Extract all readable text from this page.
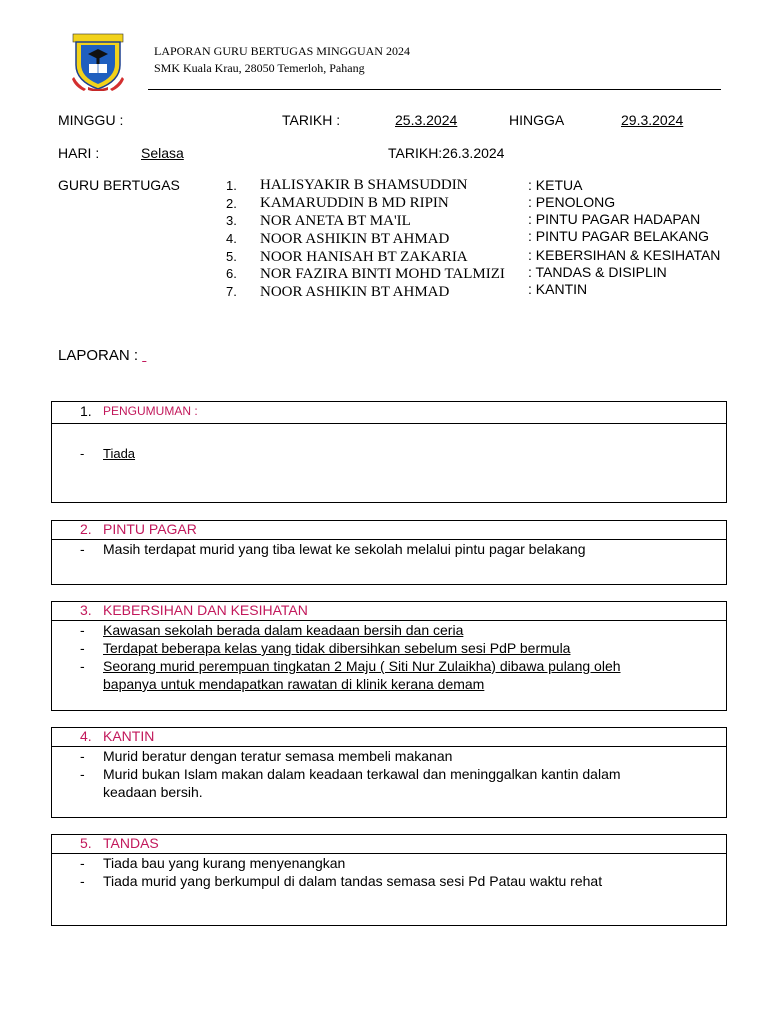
LAPORAN GURU BERTUGAS MINGGUAN 2024
SMK Kuala Krau, 28050 Temerloh, Pahang
MINGGU :	TARIKH :	25.3.2024	HINGGA	29.3.2024
HARI :	Selasa	TARIKH:26.3.2024
GURU BERTUGAS	1.	HALISYAKIR B SHAMSUDDIN	: KETUA
2.	KAMARUDDIN B MD RIPIN	: PENOLONG
3.	NOR ANETA BT MA'IL	: PINTU PAGAR HADAPAN
4.	NOOR ASHIKIN BT AHMAD	: PINTU PAGAR BELAKANG
5.	NOOR HANISAH BT ZAKARIA	: KEBERSIHAN & KESIHATAN
6.	NOR FAZIRA BINTI MOHD TALMIZI : TANDAS & DISIPLIN
7.	NOOR ASHIKIN BT AHMAD	: KANTIN
LAPORAN :
1. PENGUMUMAN :
- Tiada
2. PINTU PAGAR
- Masih terdapat murid yang tiba lewat ke sekolah melalui pintu pagar belakang
3. KEBERSIHAN DAN KESIHATAN
- Kawasan sekolah berada dalam keadaan bersih dan ceria
- Terdapat beberapa kelas yang tidak dibersihkan sebelum sesi PdP bermula
- Seorang murid perempuan tingkatan 2 Maju ( Siti Nur Zulaikha) dibawa pulang oleh bapanya untuk mendapatkan rawatan di klinik kerana demam
4. KANTIN
- Murid beratur dengan teratur semasa membeli makanan
- Murid bukan Islam makan dalam keadaan terkawal dan meninggalkan kantin dalam keadaan bersih.
5. TANDAS
- Tiada bau yang kurang menyenangkan
- Tiada murid yang berkumpul di dalam tandas semasa sesi Pd Patau waktu rehat
